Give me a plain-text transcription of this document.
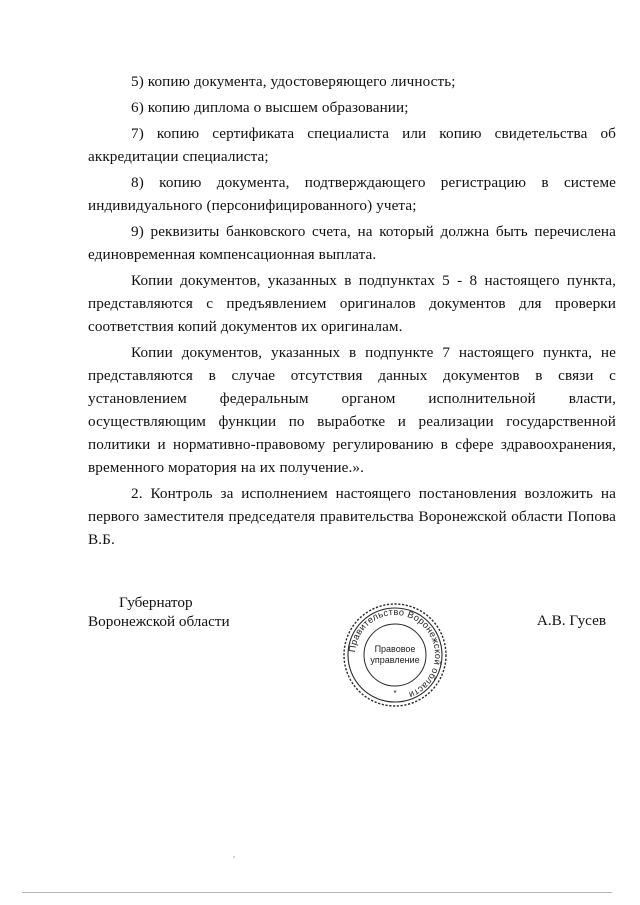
5) копию документа, удостоверяющего личность;

6) копию диплома о высшем образовании;

7) копию сертификата специалиста или копию свидетельства об аккредитации специалиста;

8) копию документа, подтверждающего регистрацию в системе индивидуального (персонифицированного) учета;

9) реквизиты банковского счета, на который должна быть перечислена единовременная компенсационная выплата.

Копии документов, указанных в подпунктах 5 - 8 настоящего пункта, представляются с предъявлением оригиналов документов для проверки соответствия копий документов их оригиналам.

Копии документов, указанных в подпункте 7 настоящего пункта, не представляются в случае отсутствия данных документов в связи с установлением федеральным органом исполнительной власти, осуществляющим функции по выработке и реализации государственной политики и нормативно-правовому регулированию в сфере здравоохранения, временного моратория на их получение.».

2. Контроль за исполнением настоящего постановления возложить на первого заместителя председателя правительства Воронежской области Попова В.Б.

Губернатор
Воронежской области
Правительство Воронежской области
Правовое
управление
*
А.В. Гусев
